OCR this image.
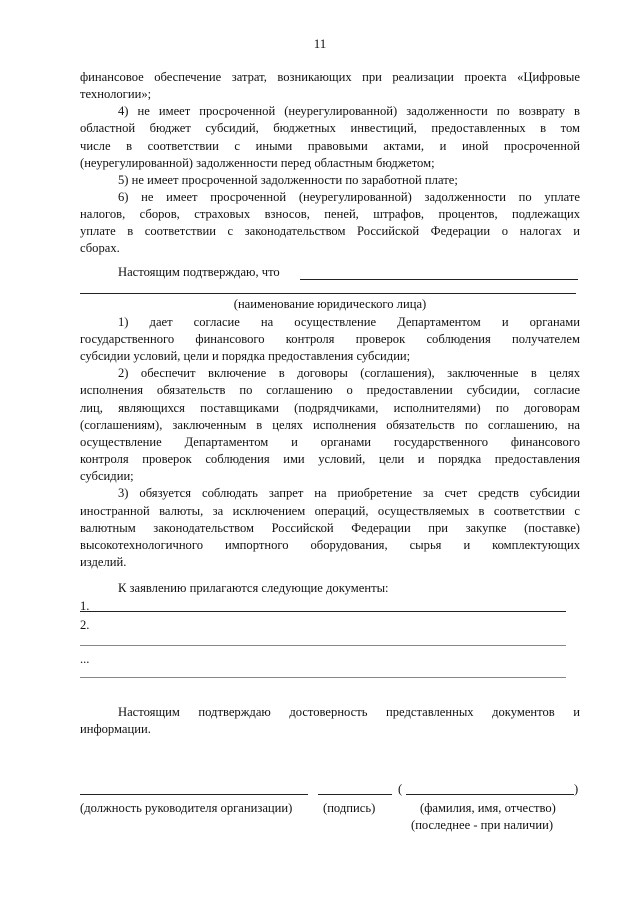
11
финансовое обеспечение затрат, возникающих при реализации проекта «Цифровые
технологии»;
4) не имеет просроченной (неурегулированной) задолженности по возврату в
областной бюджет субсидий, бюджетных инвестиций, предоставленных в том
числе в соответствии с иными правовыми актами, и иной просроченной
(неурегулированной) задолженности перед областным бюджетом;
5) не имеет просроченной задолженности по заработной плате;
6) не имеет просроченной (неурегулированной) задолженности по уплате
налогов, сборов, страховых взносов, пеней, штрафов, процентов, подлежащих
уплате в соответствии с законодательством Российской Федерации о налогах и
сборах.
Настоящим подтверждаю, что
(наименование юридического лица)
1) дает согласие на осуществление Департаментом и органами
государственного финансового контроля проверок соблюдения получателем
субсидии условий, цели и порядка предоставления субсидии;
2) обеспечит включение в договоры (соглашения), заключенные в целях
исполнения обязательств по соглашению о предоставлении субсидии, согласие
лиц, являющихся поставщиками (подрядчиками, исполнителями) по договорам
(соглашениям), заключенным в целях исполнения обязательств по соглашению, на
осуществление Департаментом и органами государственного финансового
контроля проверок соблюдения ими условий, цели и порядка предоставления
субсидии;
3) обязуется соблюдать запрет на приобретение за счет средств субсидии
иностранной валюты, за исключением операций, осуществляемых в соответствии с
валютным законодательством Российской Федерации при закупке (поставке)
высокотехнологичного импортного оборудования, сырья и комплектующих
изделий.
К заявлению прилагаются следующие документы:
1.
2.
...
Настоящим подтверждаю достоверность представленных документов и
информации.
(	)
(должность руководителя организации) (подпись)	(фамилия, имя, отчество)
(последнее - при наличии)
